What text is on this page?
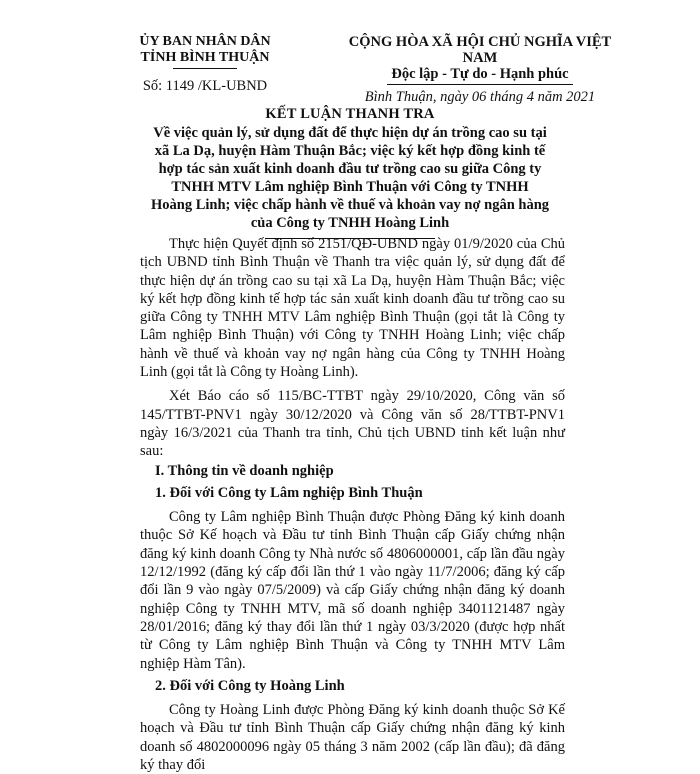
ỦY BAN NHÂN DÂN
TỈNH BÌNH THUẬN
Số: 1149 /KL-UBND
CỘNG HÒA XÃ HỘI CHỦ NGHĨA VIỆT NAM
Độc lập - Tự do - Hạnh phúc
Bình Thuận, ngày 06 tháng 4 năm 2021
KẾT LUẬN THANH TRA
Về việc quản lý, sử dụng đất để thực hiện dự án trồng cao su tại xã La Dạ, huyện Hàm Thuận Bắc; việc ký kết hợp đồng kinh tế hợp tác sản xuất kinh doanh đầu tư trồng cao su giữa Công ty TNHH MTV Lâm nghiệp Bình Thuận với Công ty TNHH Hoàng Linh; việc chấp hành về thuế và khoản vay nợ ngân hàng của Công ty TNHH Hoàng Linh

Thực hiện Quyết định số 2151/QĐ-UBND ngày 01/9/2020 của Chủ tịch UBND tỉnh Bình Thuận về Thanh tra việc quản lý, sử dụng đất để thực hiện dự án trồng cao su tại xã La Dạ, huyện Hàm Thuận Bắc; việc ký kết hợp đồng kinh tế hợp tác sản xuất kinh doanh đầu tư trồng cao su giữa Công ty TNHH MTV Lâm nghiệp Bình Thuận (gọi tắt là Công ty Lâm nghiệp Bình Thuận) với Công ty TNHH Hoàng Linh; việc chấp hành về thuế và khoản vay nợ ngân hàng của Công ty TNHH Hoàng Linh (gọi tắt là Công ty Hoàng Linh).

Xét Báo cáo số 115/BC-TTBT ngày 29/10/2020, Công văn số 145/TTBT-PNV1 ngày 30/12/2020 và Công văn số 28/TTBT-PNV1 ngày 16/3/2021 của Thanh tra tỉnh, Chủ tịch UBND tỉnh kết luận như sau:

I. Thông tin về doanh nghiệp

1. Đối với Công ty Lâm nghiệp Bình Thuận

Công ty Lâm nghiệp Bình Thuận được Phòng Đăng ký kinh doanh thuộc Sở Kế hoạch và Đầu tư tỉnh Bình Thuận cấp Giấy chứng nhận đăng ký kinh doanh Công ty Nhà nước số 4806000001, cấp lần đầu ngày 12/12/1992 (đăng ký cấp đổi lần thứ 1 vào ngày 11/7/2006; đăng ký cấp đổi lần 9 vào ngày 07/5/2009) và cấp Giấy chứng nhận đăng ký doanh nghiệp Công ty TNHH MTV, mã số doanh nghiệp 3401121487 ngày 28/01/2016; đăng ký thay đổi lần thứ 1 ngày 03/3/2020 (được hợp nhất từ Công ty Lâm nghiệp Bình Thuận và Công ty TNHH MTV Lâm nghiệp Hàm Tân).

2. Đối với Công ty Hoàng Linh

Công ty Hoàng Linh được Phòng Đăng ký kinh doanh thuộc Sở Kế hoạch và Đầu tư tỉnh Bình Thuận cấp Giấy chứng nhận đăng ký kinh doanh số 4802000096 ngày 05 tháng 3 năm 2002 (cấp lần đầu); đã đăng ký thay đổi
